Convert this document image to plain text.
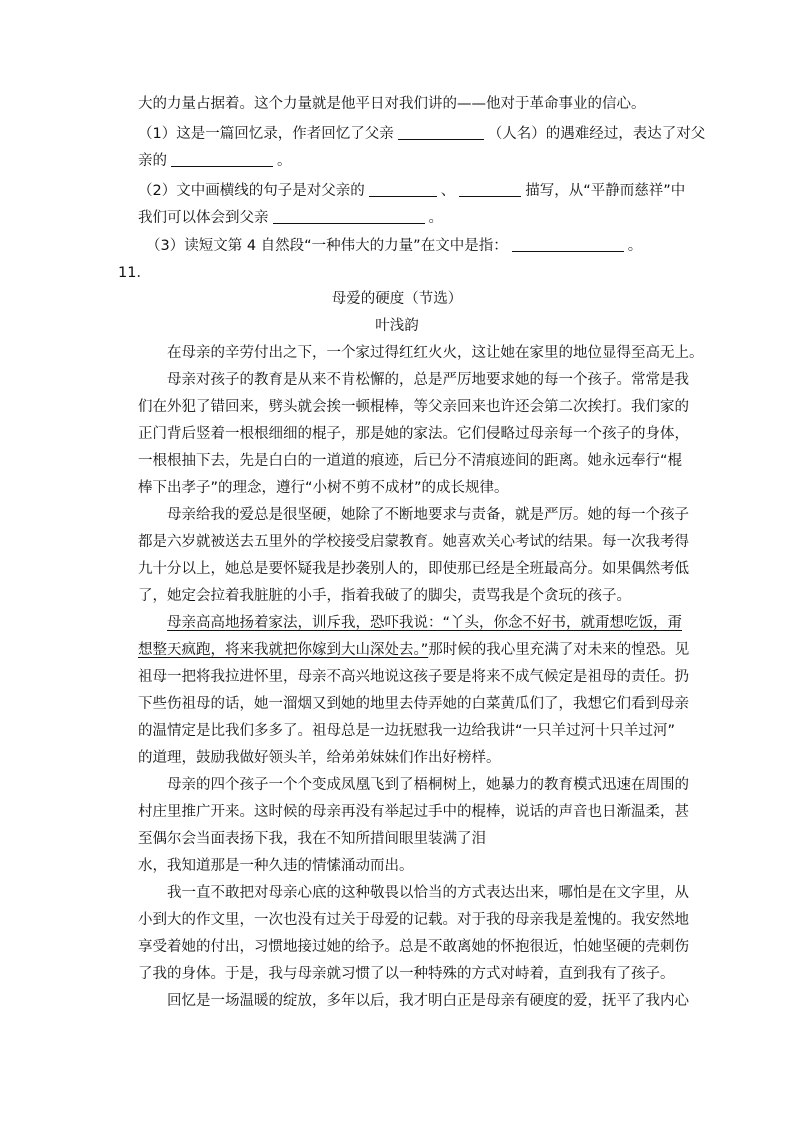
大的力量占据着。这个力量就是他平日对我们讲的——他对于革命事业的信心。
（1）这是一篇回忆录，作者回忆了父亲	（人名）的遇难经过，表达了对父
亲的	。
（2）文中画横线的句子是对父亲的	、	描写，从“平静而慈祥”中
我们可以体会到父亲	。
（3）读短文第 4 自然段“一种伟大的力量”在文中是指：	。
11．
母爱的硬度（节选）
叶浅韵
在母亲的辛劳付出之下，一个家过得红红火火，这让她在家里的地位显得至高无上。
母亲对孩子的教育是从来不肯松懈的，总是严厉地要求她的每一个孩子。常常是我
们在外犯了错回来，劈头就会挨一顿棍棒，等父亲回来也许还会第二次挨打。我们家的
正门背后竖着一根根细细的棍子，那是她的家法。它们侵略过母亲每一个孩子的身体，
一根根抽下去，先是白白的一道道的痕迹，后已分不清痕迹间的距离。她永远奉行“棍
棒下出孝子”的理念，遵行“小树不剪不成材”的成长规律。
母亲给我的爱总是很坚硬，她除了不断地要求与责备，就是严厉。她的每一个孩子
都是六岁就被送去五里外的学校接受启蒙教育。她喜欢关心考试的结果。每一次我考得
九十分以上，她总是要怀疑我是抄袭别人的，即使那已经是全班最高分。如果偶然考低
了，她定会拉着我脏脏的小手，指着我破了的脚尖，责骂我是个贪玩的孩子。
母亲高高地扬着家法，训斥我，恐吓我说：“丫头，你念不好书，就甭想吃饭，甭
想整天疯跑，将来我就把你嫁到大山深处去。”那时候的我心里充满了对未来的惶恐。见
祖母一把将我拉进怀里，母亲不高兴地说这孩子要是将来不成气候定是祖母的责任。扔
下些伤祖母的话，她一溜烟又到她的地里去侍弄她的白菜黄瓜们了，我想它们看到母亲
的温情定是比我们多多了。祖母总是一边抚慰我一边给我讲“一只羊过河十只羊过河”
的道理，鼓励我做好领头羊，给弟弟妹妹们作出好榜样。
母亲的四个孩子一个个变成凤凰飞到了梧桐树上，她暴力的教育模式迅速在周围的
村庄里推广开来。这时候的母亲再没有举起过手中的棍棒，说话的声音也日渐温柔，甚
至偶尔会当面表扬下我，我在不知所措间眼里装满了泪
水，我知道那是一种久违的情愫涌动而出。
我一直不敢把对母亲心底的这种敬畏以恰当的方式表达出来，哪怕是在文字里，从
小到大的作文里，一次也没有过关于母爱的记载。对于我的母亲我是羞愧的。我安然地
享受着她的付出，习惯地接过她的给予。总是不敢离她的怀抱很近，怕她坚硬的壳刺伤
了我的身体。于是，我与母亲就习惯了以一种特殊的方式对峙着，直到我有了孩子。
回忆是一场温暖的绽放，多年以后，我才明白正是母亲有硬度的爱，抚平了我内心
